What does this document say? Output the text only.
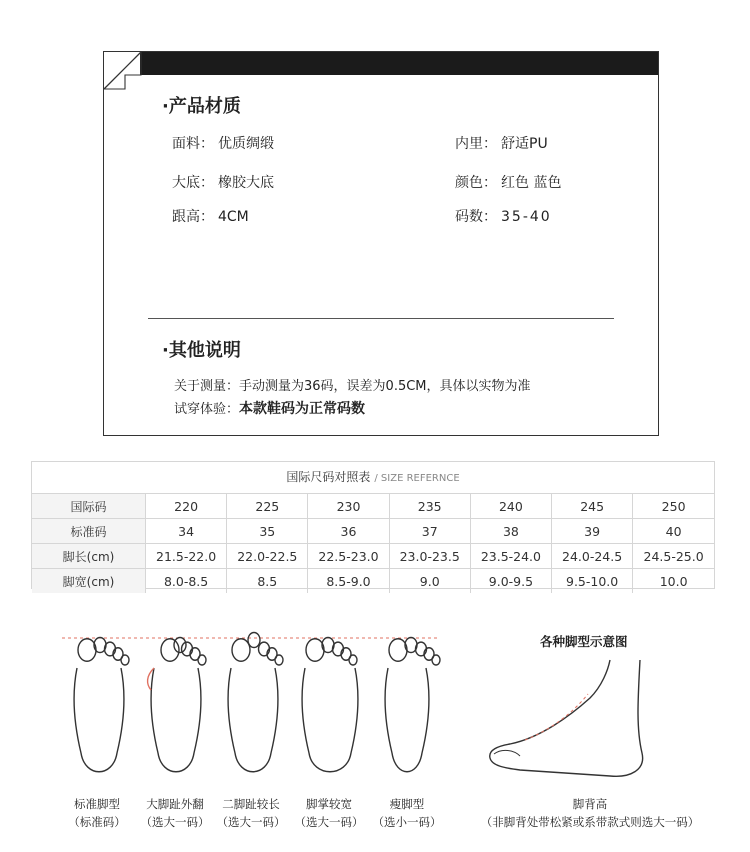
·产品材质
面料： 优质绸缎	内里： 舒适PU
大底： 橡胶大底	颜色： 红色 蓝色
跟高： 4CM	码数： 35-40
·其他说明
关于测量：手动测量为36码，误差为0.5CM，具体以实物为准
试穿体验：本款鞋码为正常码数
国际尺码对照表 / SIZE REFERNCE
国际码	220	225	230	235	240	245	250
标准码	34	35	36	37	38	39	40
脚长(cm)	21.5-22.0	22.0-22.5	22.5-23.0	23.0-23.5	23.5-24.0	24.0-24.5	24.5-25.0
脚宽(cm)	8.0-8.5	8.5	8.5-9.0	9.0	9.0-9.5	9.5-10.0	10.0
标准脚型
（标准码）
大脚趾外翻
（选大一码）
二脚趾较长
（选大一码）
脚掌较宽
（选大一码）
瘦脚型
（选小一码）
各种脚型示意图
脚背高
（非脚背处带松紧或系带款式则选大一码）
